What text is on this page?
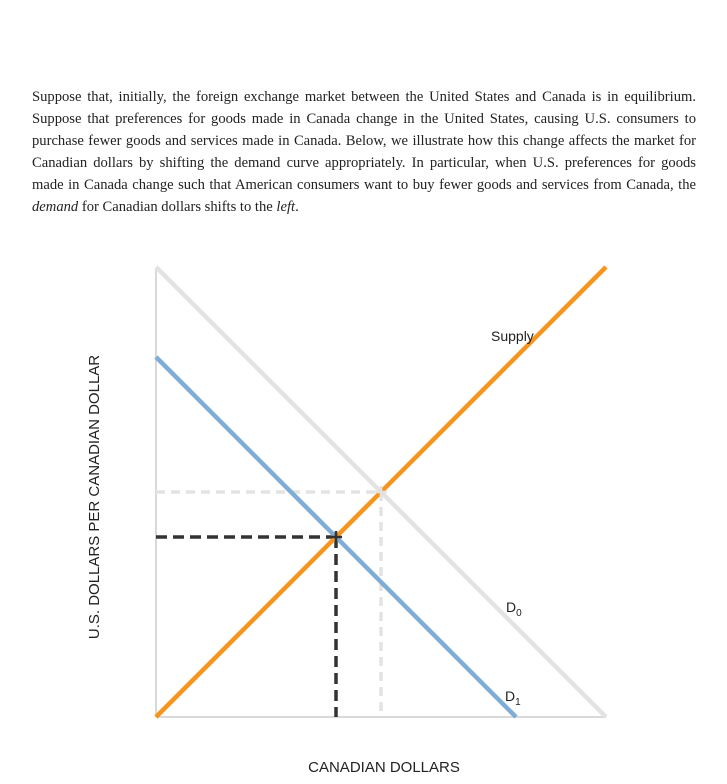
Suppose that, initially, the foreign exchange market between the United States and Canada is in equilibrium. Suppose that preferences for goods made in Canada change in the United States, causing U.S. consumers to purchase fewer goods and services made in Canada. Below, we illustrate how this change affects the market for Canadian dollars by shifting the demand curve appropriately. In particular, when U.S. preferences for goods made in Canada change such that American consumers want to buy fewer goods and services from Canada, the demand for Canadian dollars shifts to the left.

CANADIAN DOLLARS
U.S. DOLLARS PER CANADIAN DOLLAR
Supply
$D_0$
$D_1$
